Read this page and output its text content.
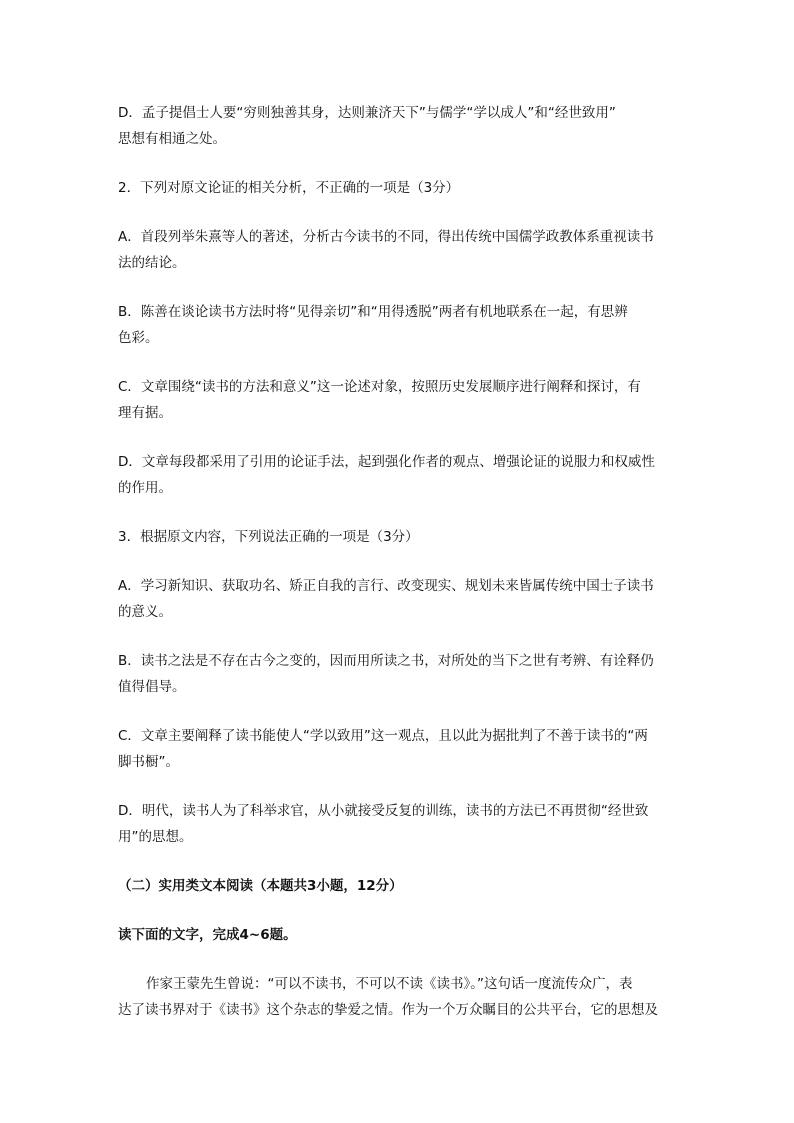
D．孟子提倡士人要“穷则独善其身，达则兼济天下”与儒学“学以成人”和“经世致用”

思想有相通之处。

2．下列对原文论证的相关分析，不正确的一项是（3分）

A．首段列举朱熹等人的著述，分析古今读书的不同，得出传统中国儒学政教体系重视读书

法的结论。

B．陈善在谈论读书方法时将“见得亲切”和“用得透脱”两者有机地联系在一起，有思辨

色彩。

C．文章围绕“读书的方法和意义”这一论述对象，按照历史发展顺序进行阐释和探讨，有

理有据。

D．文章每段都采用了引用的论证手法，起到强化作者的观点、增强论证的说服力和权威性

的作用。

3．根据原文内容，下列说法正确的一项是（3分）

A．学习新知识、获取功名、矫正自我的言行、改变现实、规划未来皆属传统中国士子读书

的意义。

B．读书之法是不存在古今之变的，因而用所读之书，对所处的当下之世有考辨、有诠释仍

值得倡导。

C．文章主要阐释了读书能使人“学以致用”这一观点，且以此为据批判了不善于读书的“两

脚书橱”。

D．明代，读书人为了科举求官，从小就接受反复的训练，读书的方法已不再贯彻“经世致

用”的思想。

（二）实用类文本阅读（本题共3小题，12分）

读下面的文字，完成4~6题。

作家王蒙先生曾说：“可以不读书，不可以不读《读书》。”这句话一度流传众广，表

达了读书界对于《读书》这个杂志的挚爱之情。作为一个万众瞩目的公共平台，它的思想及
